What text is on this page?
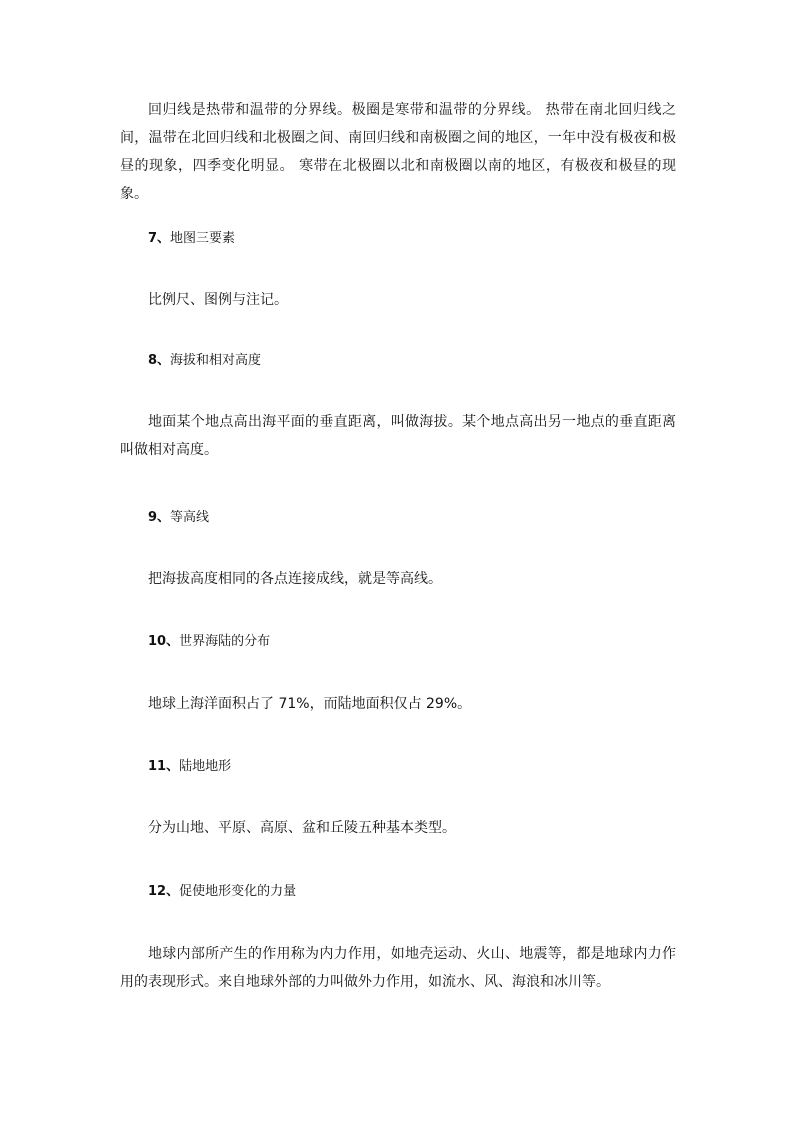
回归线是热带和温带的分界线。极圈是寒带和温带的分界线。 热带在南北回归线之间，温带在北回归线和北极圈之间、南回归线和南极圈之间的地区，一年中没有极夜和极昼的现象，四季变化明显。 寒带在北极圈以北和南极圈以南的地区，有极夜和极昼的现象。

7、地图三要素

比例尺、图例与注记。

8、海拔和相对高度

地面某个地点高出海平面的垂直距离，叫做海拔。某个地点高出另一地点的垂直距离叫做相对高度。

9、等高线

把海拔高度相同的各点连接成线，就是等高线。

10、世界海陆的分布

地球上海洋面积占了 71%，而陆地面积仅占 29%。

11、陆地地形

分为山地、平原、高原、盆和丘陵五种基本类型。

12、促使地形变化的力量

地球内部所产生的作用称为内力作用，如地壳运动、火山、地震等，都是地球内力作用的表现形式。来自地球外部的力叫做外力作用，如流水、风、海浪和冰川等。
